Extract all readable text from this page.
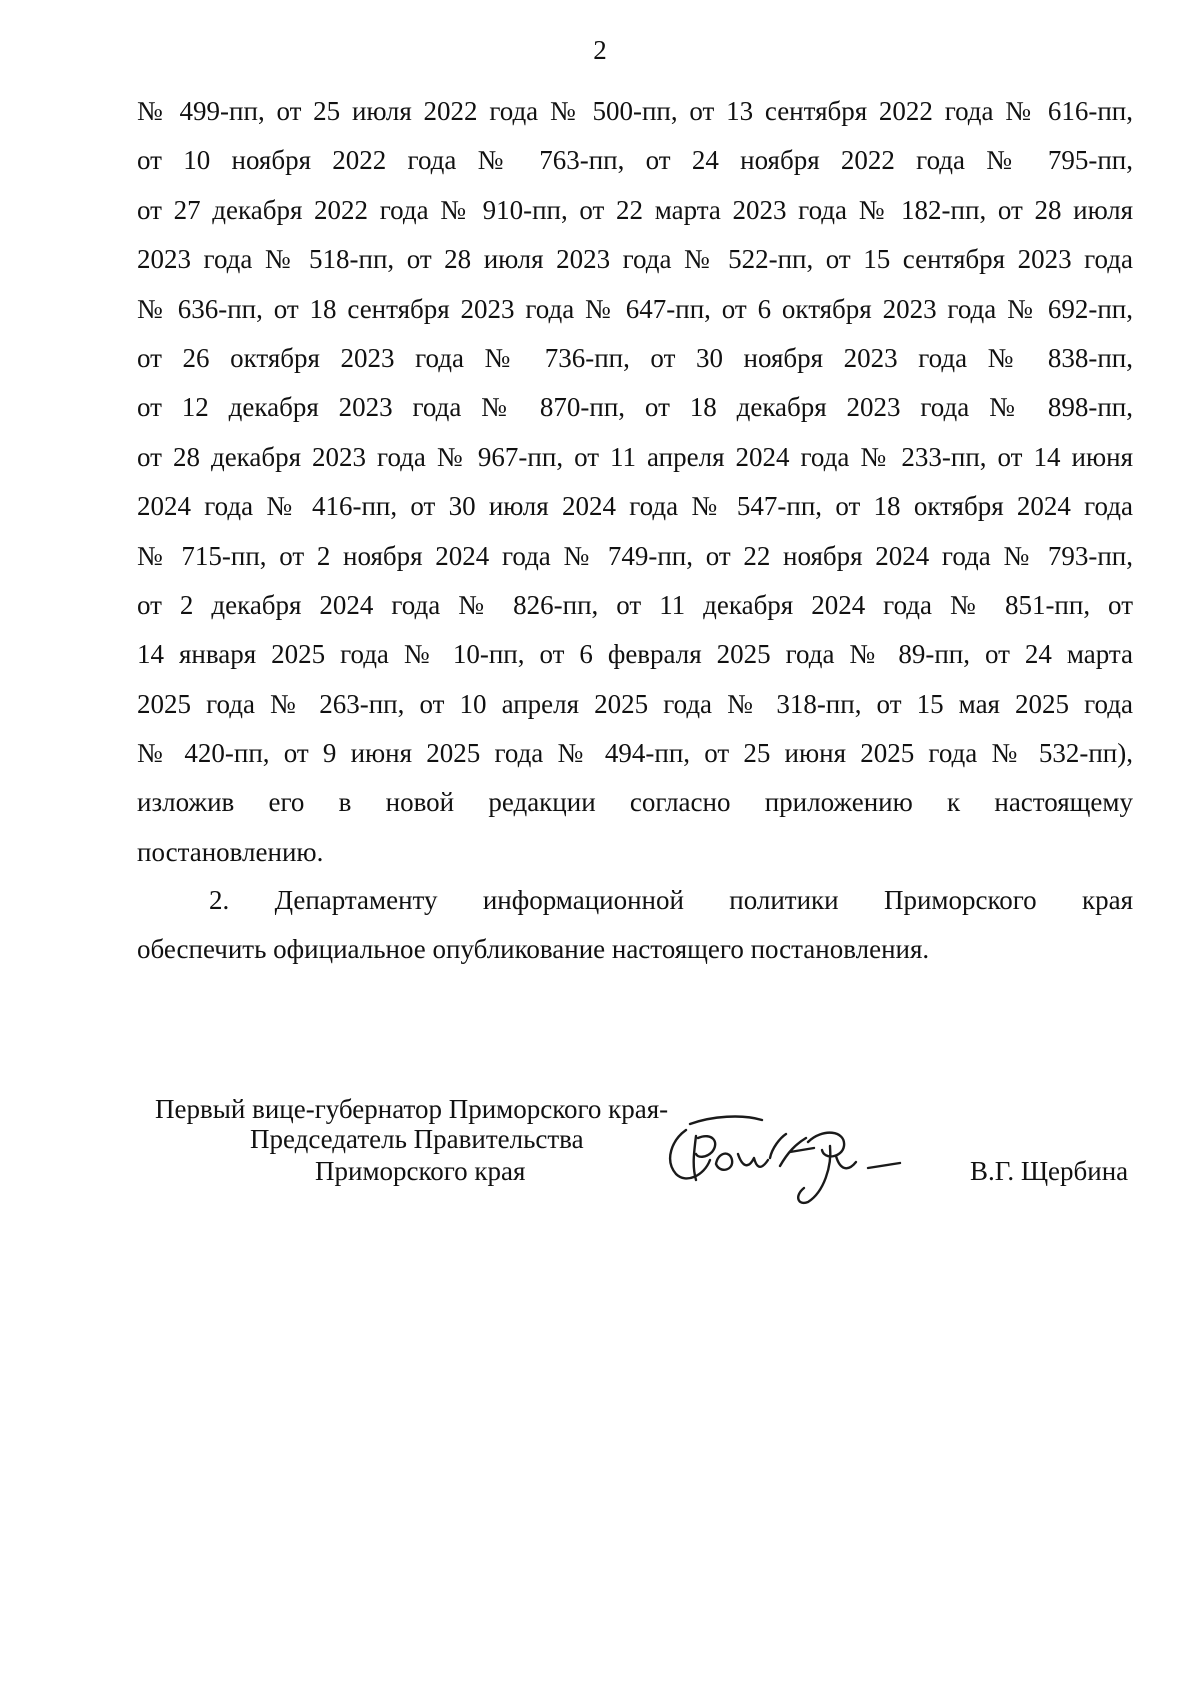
2
№ 499-пп, от 25 июля 2022 года № 500-пп, от 13 сентября 2022 года № 616-пп,
от 10 ноября 2022 года № 763-пп, от 24 ноября 2022 года № 795-пп,
от 27 декабря 2022 года № 910-пп, от 22 марта 2023 года № 182-пп, от 28 июля
2023 года № 518-пп, от 28 июля 2023 года № 522-пп, от 15 сентября 2023 года
№ 636-пп, от 18 сентября 2023 года № 647-пп, от 6 октября 2023 года № 692-пп,
от 26 октября 2023 года № 736-пп, от 30 ноября 2023 года № 838-пп,
от 12 декабря 2023 года № 870-пп, от 18 декабря 2023 года № 898-пп,
от 28 декабря 2023 года № 967-пп, от 11 апреля 2024 года № 233-пп, от 14 июня
2024 года № 416-пп, от 30 июля 2024 года № 547-пп, от 18 октября 2024 года
№ 715-пп, от 2 ноября 2024 года № 749-пп, от 22 ноября 2024 года № 793-пп,
от 2 декабря 2024 года № 826-пп, от 11 декабря 2024 года № 851-пп, от
14 января 2025 года № 10-пп, от 6 февраля 2025 года № 89-пп, от 24 марта
2025 года № 263-пп, от 10 апреля 2025 года № 318-пп, от 15 мая 2025 года
№ 420-пп, от 9 июня 2025 года № 494-пп, от 25 июня 2025 года № 532-пп),
изложив его в новой редакции согласно приложению к настоящему
постановлению.
2. Департаменту информационной политики Приморского края
обеспечить официальное опубликование настоящего постановления.
Первый вице-губернатор Приморского края-
Председатель Правительства
Приморского края	В.Г. Щербина
